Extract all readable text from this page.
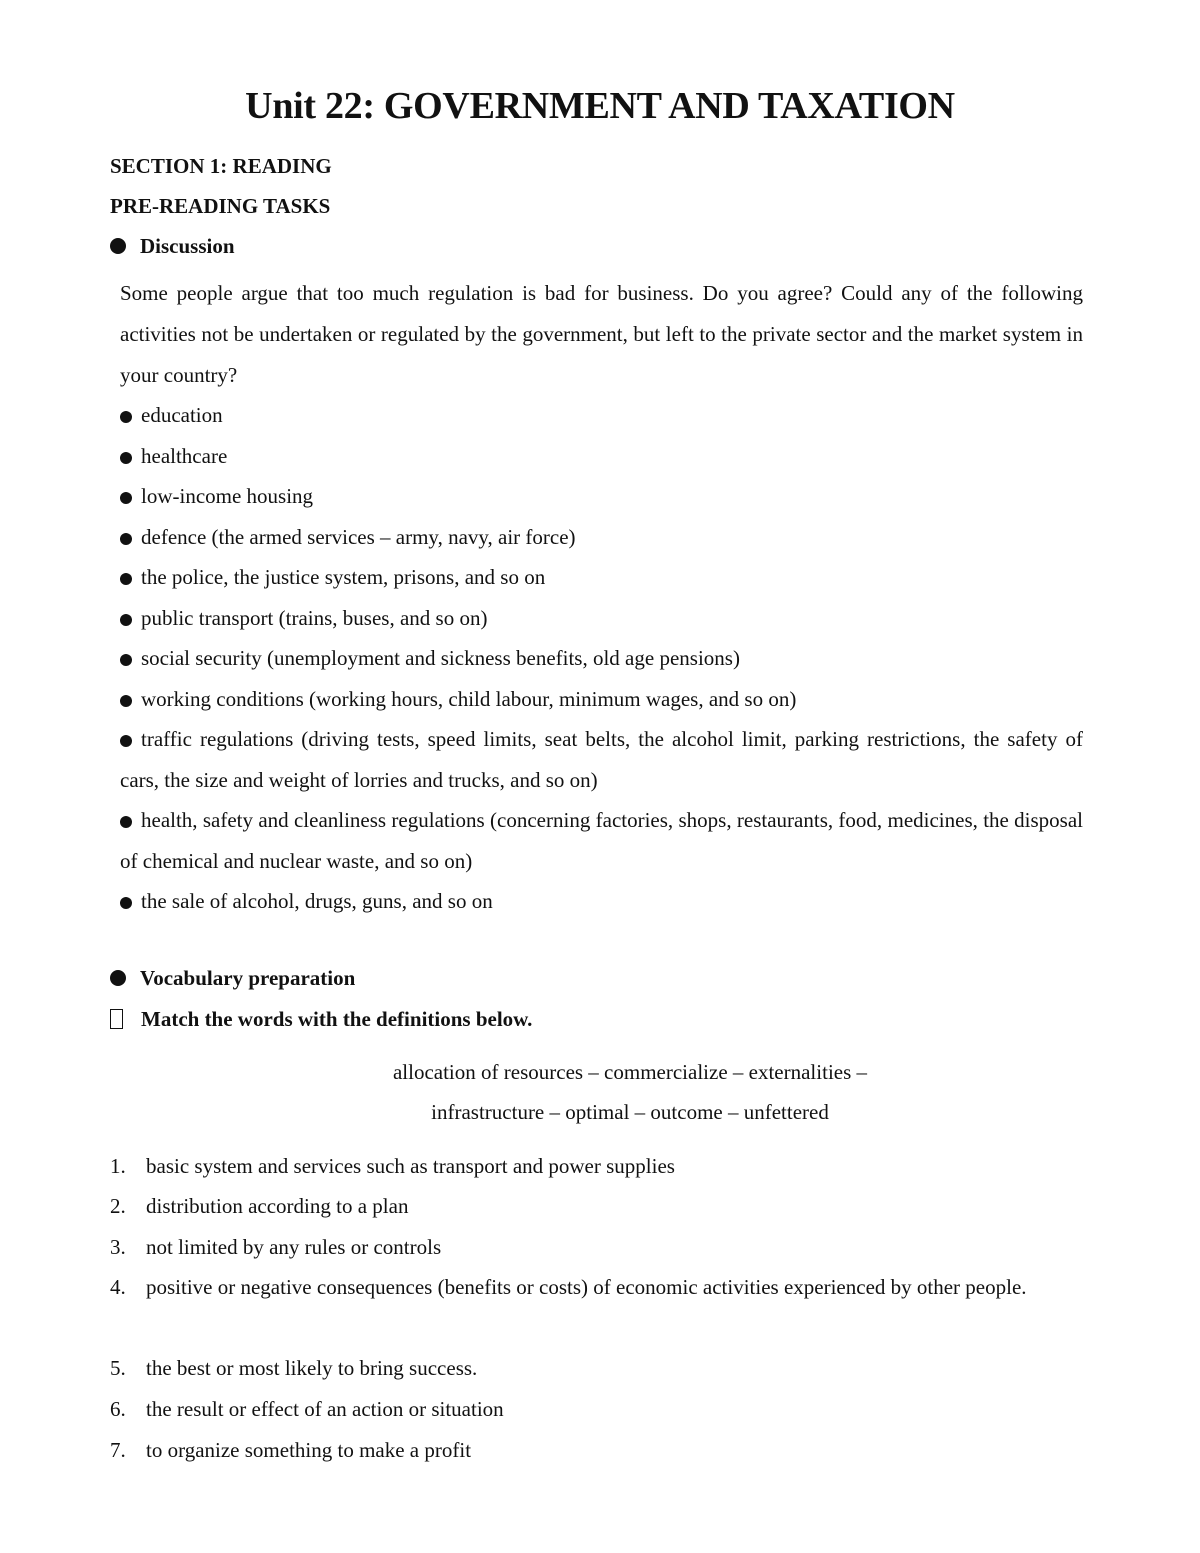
Unit 22: GOVERNMENT AND TAXATION
SECTION 1: READING
PRE-READING TASKS
Discussion
Some people argue that too much regulation is bad for business. Do you agree? Could any of the following activities not be undertaken or regulated by the government, but left to the private sector and the market system in your country?
education
healthcare
low-income housing
defence (the armed services – army, navy, air force)
the police, the justice system, prisons, and so on
public transport (trains, buses, and so on)
social security (unemployment and sickness benefits, old age pensions)
working conditions (working hours, child labour, minimum wages, and so on)
traffic regulations (driving tests, speed limits, seat belts, the alcohol limit, parking restrictions, the safety of cars, the size and weight of lorries and trucks, and so on)
health, safety and cleanliness regulations (concerning factories, shops, restaurants, food, medicines, the disposal of chemical and nuclear waste, and so on)
the sale of alcohol, drugs, guns, and so on
Vocabulary preparation
Match the words with the definitions below.
allocation of resources – commercialize – externalities –
infrastructure – optimal – outcome – unfettered
1. basic system and services such as transport and power supplies
2. distribution according to a plan
3. not limited by any rules or controls
4. positive or negative consequences (benefits or costs) of economic activities experienced by other people.
5. the best or most likely to bring success.
6. the result or effect of an action or situation
7. to organize something to make a profit
